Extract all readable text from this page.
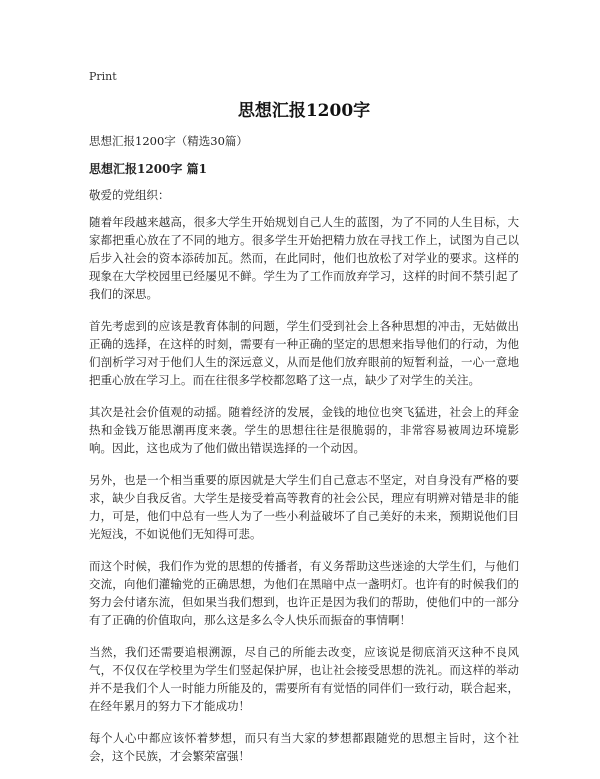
Print
思想汇报1200字
思想汇报1200字（精选30篇）
思想汇报1200字 篇1
敬爱的党组织：

随着年段越来越高，很多大学生开始规划自己人生的蓝图，为了不同的人生目标，大家都把重心放在了不同的地方。很多学生开始把精力放在寻找工作上，试图为自己以后步入社会的资本添砖加瓦。然而，在此同时，他们也放松了对学业的要求。这样的现象在大学校园里已经屡见不鲜。学生为了工作而放弃学习，这样的时间不禁引起了我们的深思。

首先考虑到的应该是教育体制的问题，学生们受到社会上各种思想的冲击，无姑做出正确的选择，在这样的时刻，需要有一种正确的坚定的思想来指导他们的行动，为他们剖析学习对于他们人生的深远意义，从而是他们放弃眼前的短暂利益，一心一意地把重心放在学习上。而在往很多学校都忽略了这一点，缺少了对学生的关注。

其次是社会价值观的动摇。随着经济的发展，金钱的地位也突飞猛进，社会上的拜金热和金钱万能思潮再度来袭。学生的思想往往是很脆弱的，非常容易被周边环境影响。因此，这也成为了他们做出错误选择的一个动因。

另外，也是一个相当重要的原因就是大学生们自己意志不坚定，对自身没有严格的要求，缺少自我反省。大学生是接受着高等教育的社会公民，理应有明辨对错是非的能力，可是，他们中总有一些人为了一些小利益破坏了自己美好的未来，预期说他们目光短浅，不如说他们无知得可悲。

而这个时候，我们作为党的思想的传播者，有义务帮助这些迷途的大学生们，与他们交流，向他们灌输党的正确思想，为他们在黑暗中点一盏明灯。也许有的时候我们的努力会付诸东流，但如果当我们想到，也许正是因为我们的帮助，使他们中的一部分有了正确的价值取向，那么这是多么令人快乐而振奋的事情啊！

当然，我们还需要追根溯源，尽自己的所能去改变，应该说是彻底消灭这种不良风气，不仅仅在学校里为学生们竖起保护屏，也让社会接受思想的洗礼。而这样的举动并不是我们个人一时能力所能及的，需要所有有觉悟的同伴们一致行动，联合起来，在经年累月的努力下才能成功！

每个人心中都应该怀着梦想，而只有当大家的梦想都跟随党的思想主旨时，这个社会，这个民族，才会繁荣富强！
